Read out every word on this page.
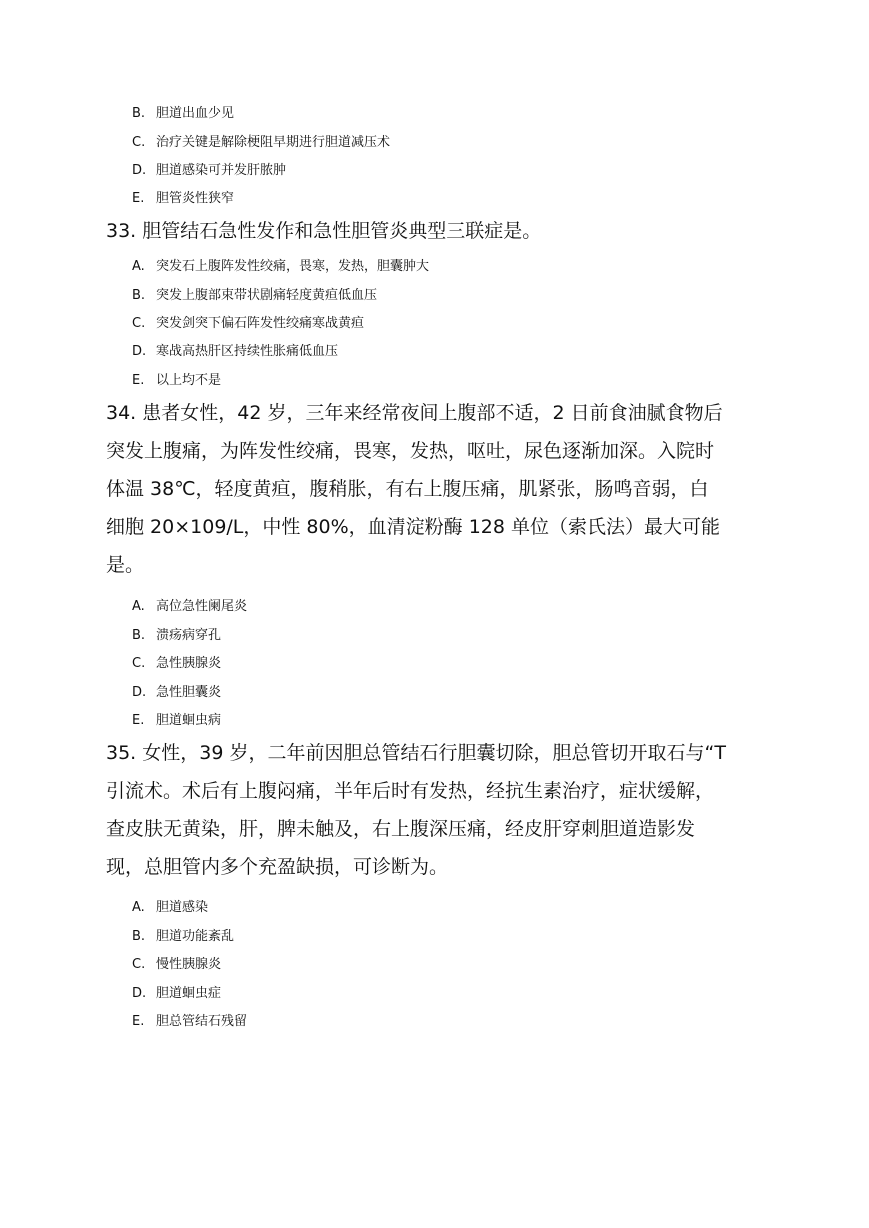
B. 胆道出血少见
C. 治疗关键是解除梗阻早期进行胆道减压术
D. 胆道感染可并发肝脓肿
E. 胆管炎性狭窄
33. 胆管结石急性发作和急性胆管炎典型三联症是。
A. 突发石上腹阵发性绞痛，畏寒，发热，胆囊肿大
B. 突发上腹部束带状剧痛轻度黄疸低血压
C. 突发剑突下偏石阵发性绞痛寒战黄疸
D. 寒战高热肝区持续性胀痛低血压
E. 以上均不是
34. 患者女性，42 岁，三年来经常夜间上腹部不适，2 日前食油腻食物后
突发上腹痛，为阵发性绞痛，畏寒，发热，呕吐，尿色逐渐加深。入院时
体温 38℃，轻度黄疸，腹稍胀，有右上腹压痛，肌紧张，肠鸣音弱，白
细胞 20×109/L，中性 80%，血清淀粉酶 128 单位（索氏法）最大可能
是。
A. 高位急性阑尾炎
B. 溃疡病穿孔
C. 急性胰腺炎
D. 急性胆囊炎
E. 胆道蛔虫病
35. 女性，39 岁，二年前因胆总管结石行胆囊切除，胆总管切开取石与“T
引流术。术后有上腹闷痛，半年后时有发热，经抗生素治疗，症状缓解，
查皮肤无黄染，肝，脾未触及，右上腹深压痛，经皮肝穿刺胆道造影发
现，总胆管内多个充盈缺损，可诊断为。
A. 胆道感染
B. 胆道功能紊乱
C. 慢性胰腺炎
D. 胆道蛔虫症
E. 胆总管结石残留
